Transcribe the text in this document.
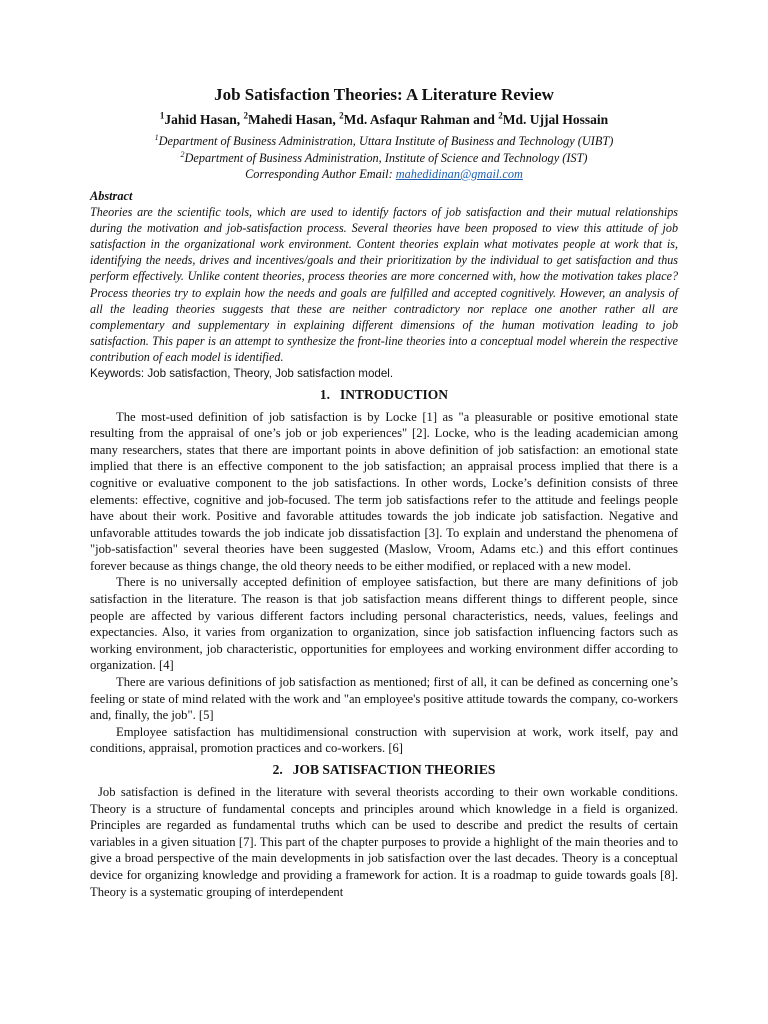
Job Satisfaction Theories: A Literature Review

$^1$Jahid Hasan, $^2$Mahedi Hasan, $^2$Md. Asfaqur Rahman and $^2$Md. Ujjal Hossain

$^1$Department of Business Administration, Uttara Institute of Business and Technology (UIBT)

$^2$Department of Business Administration, Institute of Science and Technology (IST)

Corresponding Author Email: mahedidinan@gmail.com

Abstract

Theories are the scientific tools, which are used to identify factors of job satisfaction and their mutual relationships during the motivation and job-satisfaction process. Several theories have been proposed to view this attitude of job satisfaction in the organizational work environment. Content theories explain what motivates people at work that is, identifying the needs, drives and incentives/goals and their prioritization by the individual to get satisfaction and thus perform effectively. Unlike content theories, process theories are more concerned with, how the motivation takes place? Process theories try to explain how the needs and goals are fulfilled and accepted cognitively. However, an analysis of all the leading theories suggests that these are neither contradictory nor replace one another rather all are complementary and supplementary in explaining different dimensions of the human motivation leading to job satisfaction. This paper is an attempt to synthesize the front-line theories into a conceptual model wherein the respective contribution of each model is identified.

Keywords: Job satisfaction, Theory, Job satisfaction model.

1. INTRODUCTION

The most-used definition of job satisfaction is by Locke [1] as "a pleasurable or positive emotional state resulting from the appraisal of one’s job or job experiences" [2]. Locke, who is the leading academician among many researchers, states that there are important points in above definition of job satisfaction: an emotional state implied that there is an effective component to the job satisfaction; an appraisal process implied that there is a cognitive or evaluative component to the job satisfactions. In other words, Locke’s definition consists of three elements: effective, cognitive and job-focused. The term job satisfactions refer to the attitude and feelings people have about their work. Positive and favorable attitudes towards the job indicate job satisfaction. Negative and unfavorable attitudes towards the job indicate job dissatisfaction [3]. To explain and understand the phenomena of "job-satisfaction" several theories have been suggested (Maslow, Vroom, Adams etc.) and this effort continues forever because as things change, the old theory needs to be either modified, or replaced with a new model.

There is no universally accepted definition of employee satisfaction, but there are many definitions of job satisfaction in the literature. The reason is that job satisfaction means different things to different people, since people are affected by various different factors including personal characteristics, needs, values, feelings and expectancies. Also, it varies from organization to organization, since job satisfaction influencing factors such as working environment, job characteristic, opportunities for employees and working environment differ according to organization. [4]

There are various definitions of job satisfaction as mentioned; first of all, it can be defined as concerning one’s feeling or state of mind related with the work and "an employee's positive attitude towards the company, co-workers and, finally, the job". [5]

Employee satisfaction has multidimensional construction with supervision at work, work itself, pay and conditions, appraisal, promotion practices and co-workers. [6]

2. JOB SATISFACTION THEORIES

Job satisfaction is defined in the literature with several theorists according to their own workable conditions. Theory is a structure of fundamental concepts and principles around which knowledge in a field is organized. Principles are regarded as fundamental truths which can be used to describe and predict the results of certain variables in a given situation [7]. This part of the chapter purposes to provide a highlight of the main theories and to give a broad perspective of the main developments in job satisfaction over the last decades. Theory is a conceptual device for organizing knowledge and providing a framework for action. It is a roadmap to guide towards goals [8]. Theory is a systematic grouping of interdependent
